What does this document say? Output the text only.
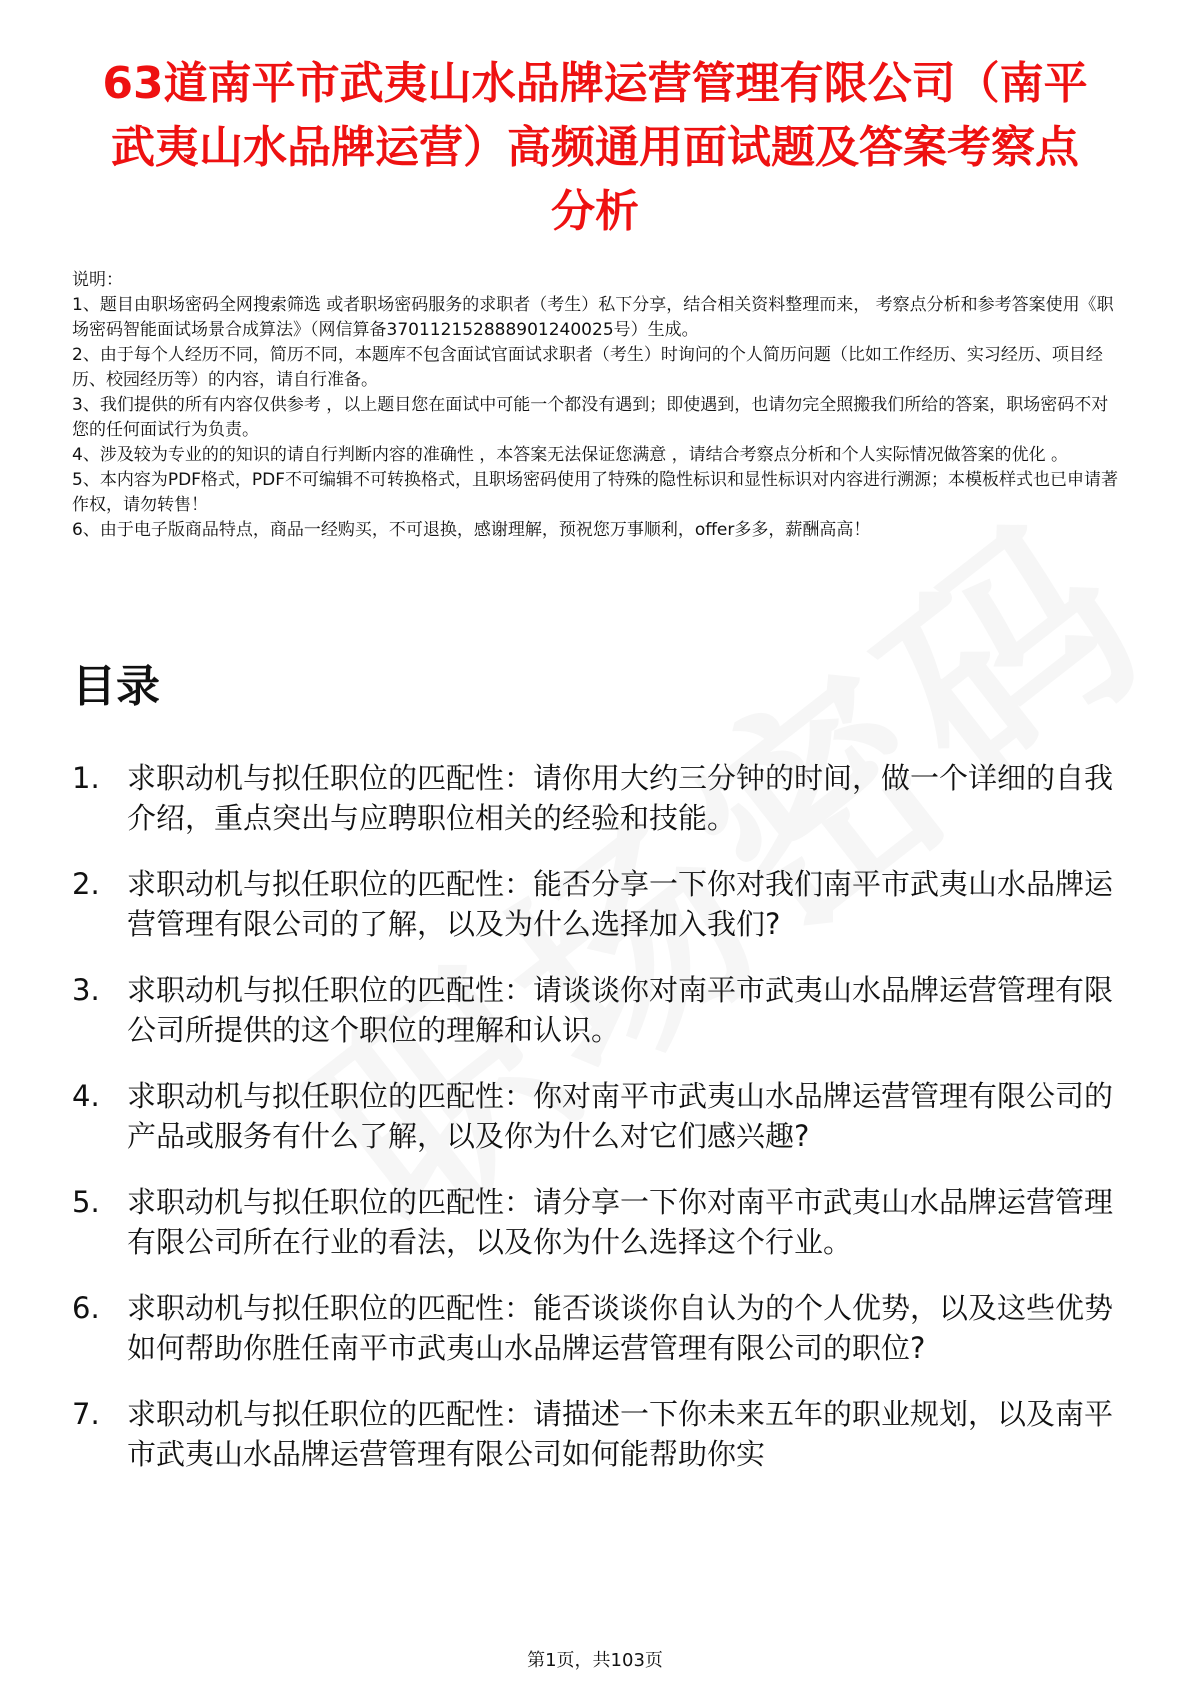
63道南平市武夷山水品牌运营管理有限公司（南平武夷山水品牌运营）高频通用面试题及答案考察点分析

说明：

1、题目由职场密码全网搜索筛选 或者职场密码服务的求职者（考生）私下分享，结合相关资料整理而来， 考察点分析和参考答案使用《职场密码智能面试场景合成算法》（网信算备370112152888901240025号）生成。

2、由于每个人经历不同，简历不同，本题库不包含面试官面试求职者（考生）时询问的个人简历问题（比如工作经历、实习经历、项目经历、校园经历等）的内容，请自行准备。

3、我们提供的所有内容仅供参考 ，以上题目您在面试中可能一个都没有遇到；即使遇到，也请勿完全照搬我们所给的答案，职场密码不对您的任何面试行为负责。

4、涉及较为专业的的知识的请自行判断内容的准确性 ，本答案无法保证您满意 ，请结合考察点分析和个人实际情况做答案的优化 。

5、本内容为PDF格式，PDF不可编辑不可转换格式，且职场密码使用了特殊的隐性标识和显性标识对内容进行溯源；本模板样式也已申请著作权，请勿转售！

6、由于电子版商品特点，商品一经购买，不可退换，感谢理解，预祝您万事顺利，offer多多，薪酬高高！

目录
1. 求职动机与拟任职位的匹配性：请你用大约三分钟的时间，做一个详细的自我介绍，重点突出与应聘职位相关的经验和技能。
2. 求职动机与拟任职位的匹配性：能否分享一下你对我们南平市武夷山水品牌运营管理有限公司的了解，以及为什么选择加入我们?
3. 求职动机与拟任职位的匹配性：请谈谈你对南平市武夷山水品牌运营管理有限公司所提供的这个职位的理解和认识。
4. 求职动机与拟任职位的匹配性：你对南平市武夷山水品牌运营管理有限公司的产品或服务有什么了解，以及你为什么对它们感兴趣?
5. 求职动机与拟任职位的匹配性：请分享一下你对南平市武夷山水品牌运营管理有限公司所在行业的看法，以及你为什么选择这个行业。
6. 求职动机与拟任职位的匹配性：能否谈谈你自认为的个人优势，以及这些优势如何帮助你胜任南平市武夷山水品牌运营管理有限公司的职位?
7. 求职动机与拟任职位的匹配性：请描述一下你未来五年的职业规划，以及南平市武夷山水品牌运营管理有限公司如何能帮助你实
第1页，共103页
